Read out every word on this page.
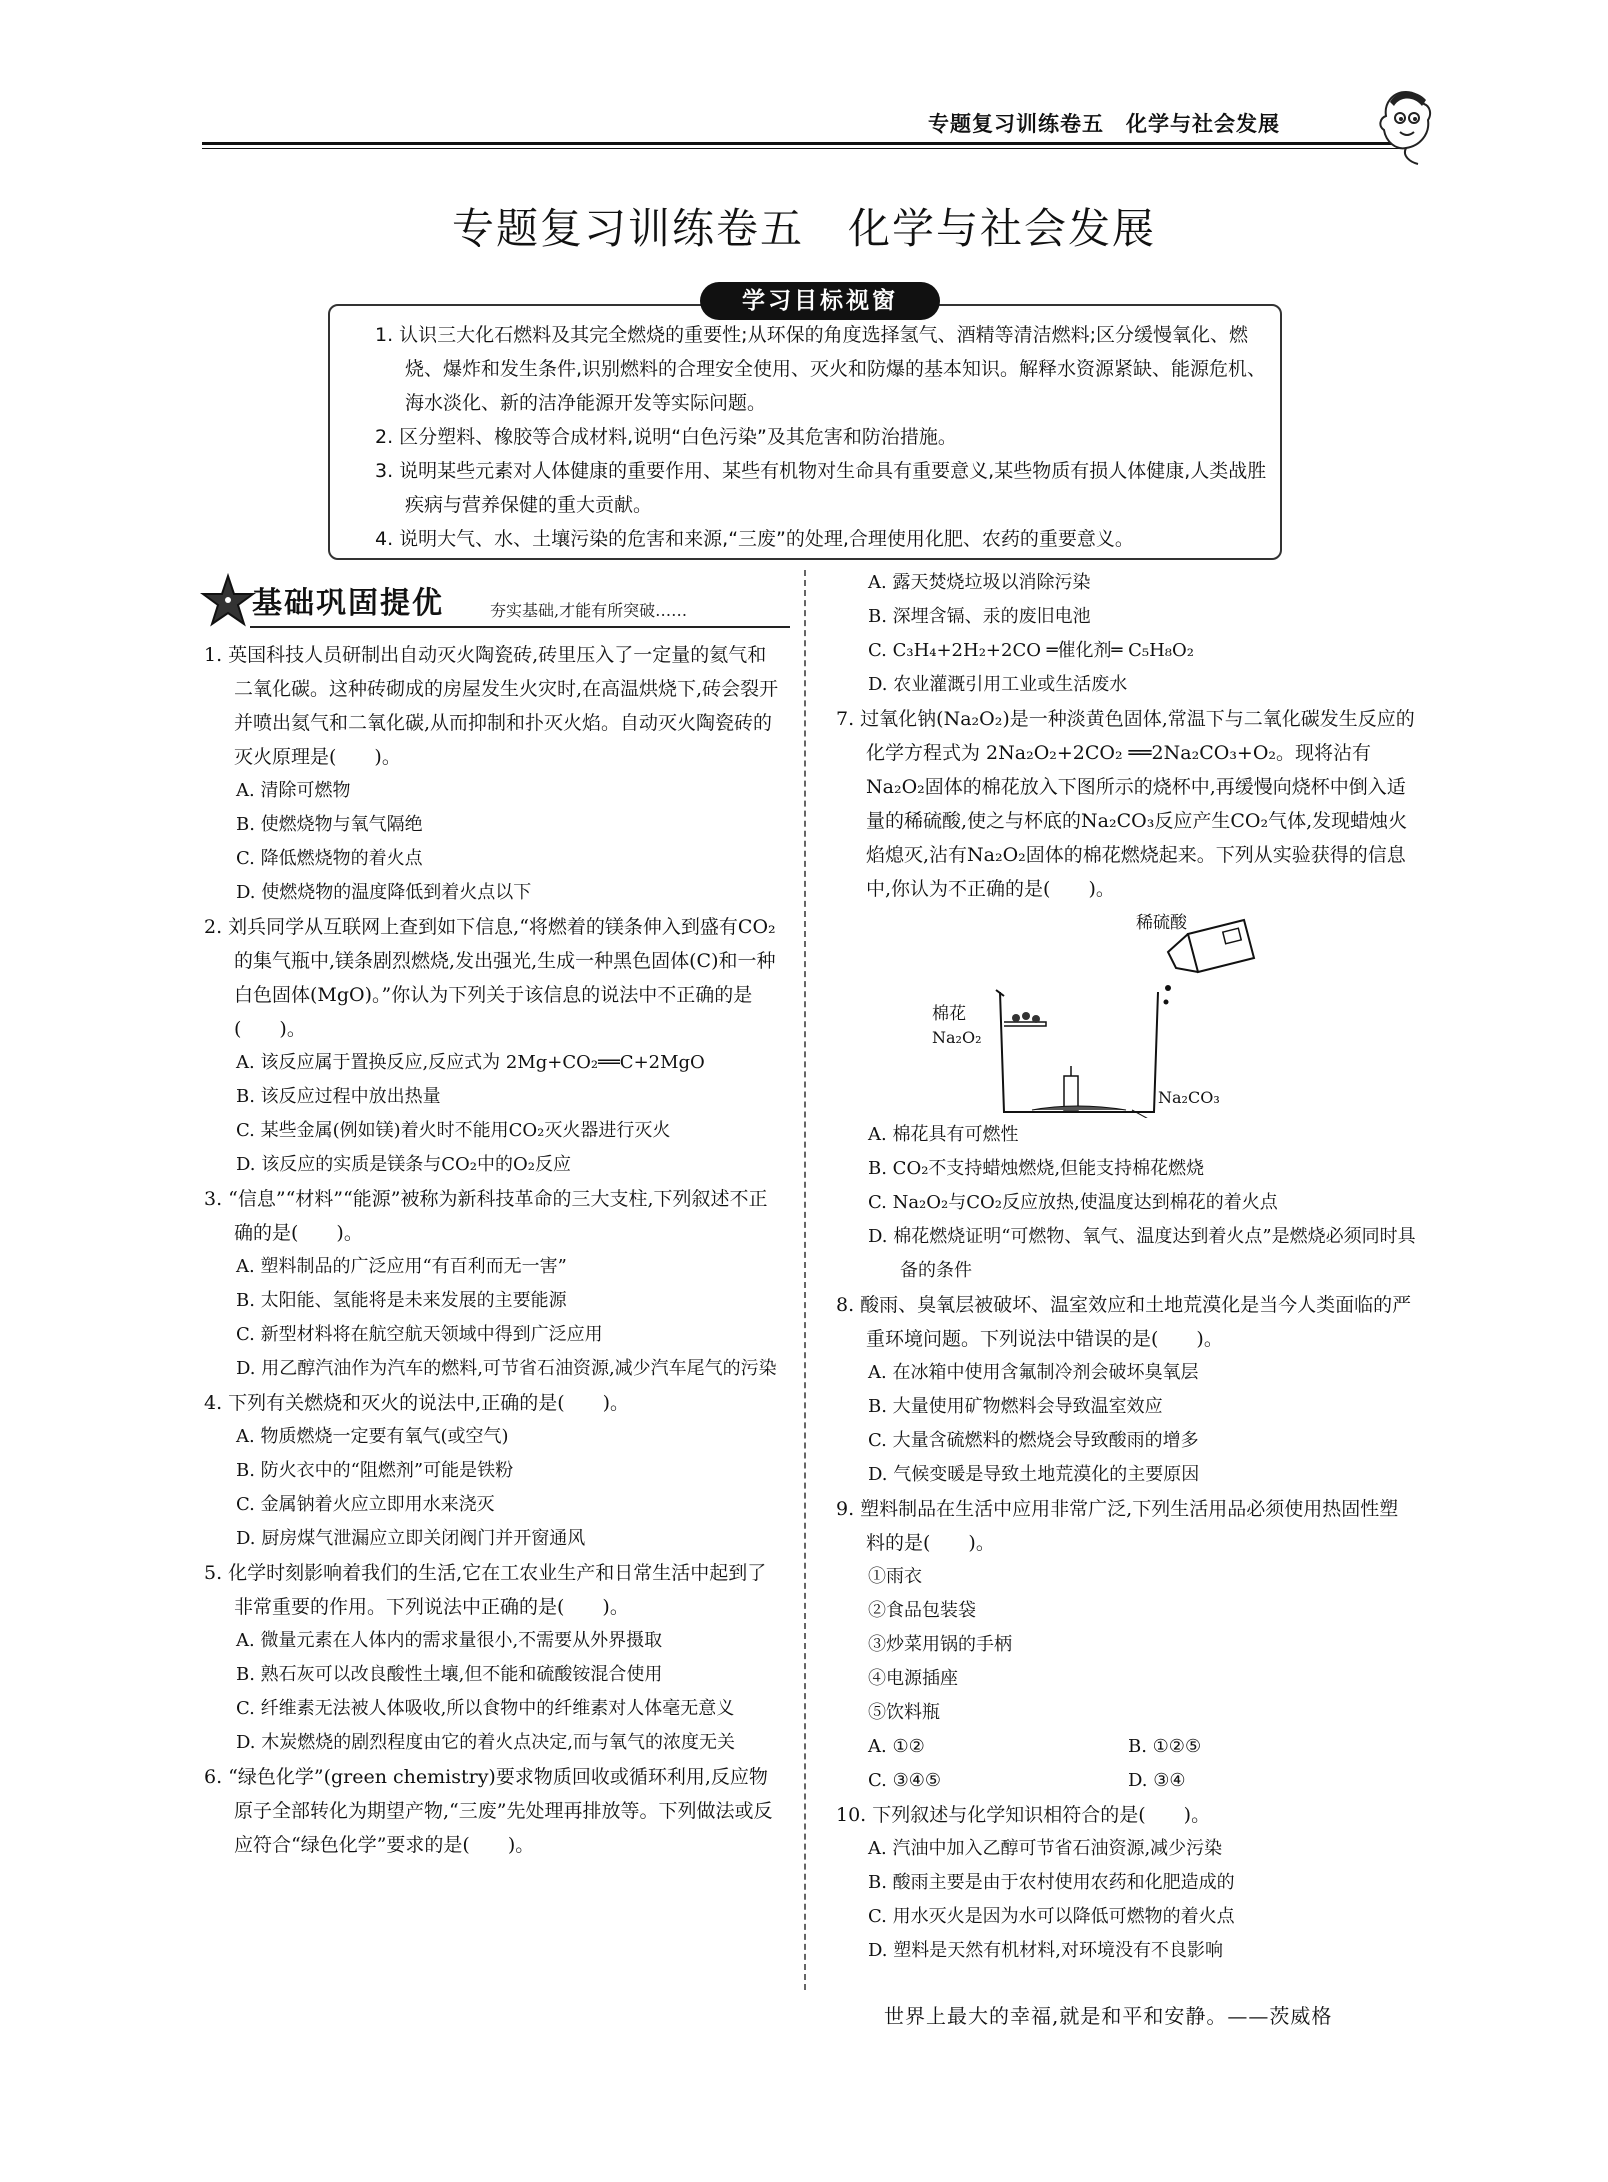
专题复习训练卷五　化学与社会发展
专题复习训练卷五　化学与社会发展
学习目标视窗
1. 认识三大化石燃料及其完全燃烧的重要性;从环保的角度选择氢气、酒精等清洁燃料;区分缓慢氧化、燃烧、爆炸和发生条件,识别燃料的合理安全使用、灭火和防爆的基本知识。解释水资源紧缺、能源危机、海水淡化、新的洁净能源开发等实际问题。
2. 区分塑料、橡胶等合成材料,说明“白色污染”及其危害和防治措施。
3. 说明某些元素对人体健康的重要作用、某些有机物对生命具有重要意义,某些物质有损人体健康,人类战胜疾病与营养保健的重大贡献。
4. 说明大气、水、土壤污染的危害和来源,“三废”的处理,合理使用化肥、农药的重要意义。
基础巩固提优	夯实基础,才能有所突破……
1. 英国科技人员研制出自动灭火陶瓷砖,砖里压入了一定量的氦气和二氧化碳。这种砖砌成的房屋发生火灾时,在高温烘烧下,砖会裂开并喷出氦气和二氧化碳,从而抑制和扑灭火焰。自动灭火陶瓷砖的灭火原理是(　　)。
A. 清除可燃物
B. 使燃烧物与氧气隔绝
C. 降低燃烧物的着火点
D. 使燃烧物的温度降低到着火点以下
2. 刘兵同学从互联网上查到如下信息,“将燃着的镁条伸入到盛有CO₂的集气瓶中,镁条剧烈燃烧,发出强光,生成一种黑色固体(C)和一种白色固体(MgO)。”你认为下列关于该信息的说法中不正确的是(　　)。
A. 该反应属于置换反应,反应式为 2Mg+CO₂══C+2MgO
B. 该反应过程中放出热量
C. 某些金属(例如镁)着火时不能用CO₂灭火器进行灭火
D. 该反应的实质是镁条与CO₂中的O₂反应
3. “信息”“材料”“能源”被称为新科技革命的三大支柱,下列叙述不正确的是(　　)。
A. 塑料制品的广泛应用“有百利而无一害”
B. 太阳能、氢能将是未来发展的主要能源
C. 新型材料将在航空航天领域中得到广泛应用
D. 用乙醇汽油作为汽车的燃料,可节省石油资源,减少汽车尾气的污染
4. 下列有关燃烧和灭火的说法中,正确的是(　　)。
A. 物质燃烧一定要有氧气(或空气)
B. 防火衣中的“阻燃剂”可能是铁粉
C. 金属钠着火应立即用水来浇灭
D. 厨房煤气泄漏应立即关闭阀门并开窗通风
5. 化学时刻影响着我们的生活,它在工农业生产和日常生活中起到了非常重要的作用。下列说法中正确的是(　　)。
A. 微量元素在人体内的需求量很小,不需要从外界摄取
B. 熟石灰可以改良酸性土壤,但不能和硫酸铵混合使用
C. 纤维素无法被人体吸收,所以食物中的纤维素对人体毫无意义
D. 木炭燃烧的剧烈程度由它的着火点决定,而与氧气的浓度无关
6. “绿色化学”(green chemistry)要求物质回收或循环利用,反应物原子全部转化为期望产物,“三废”先处理再排放等。下列做法或反应符合“绿色化学”要求的是(　　)。
A. 露天焚烧垃圾以消除污染
B. 深埋含镉、汞的废旧电池
C. C₃H₄+2H₂+2CO ═催化剂═ C₅H₈O₂
D. 农业灌溉引用工业或生活废水
7. 过氧化钠(Na₂O₂)是一种淡黄色固体,常温下与二氧化碳发生反应的化学方程式为 2Na₂O₂+2CO₂ ══2Na₂CO₃+O₂。现将沾有Na₂O₂固体的棉花放入下图所示的烧杯中,再缓慢向烧杯中倒入适量的稀硫酸,使之与杯底的Na₂CO₃反应产生CO₂气体,发现蜡烛火焰熄灭,沾有Na₂O₂固体的棉花燃烧起来。下列从实验获得的信息中,你认为不正确的是(　　)。
稀硫酸
棉花
Na₂O₂
Na₂CO₃
A. 棉花具有可燃性
B. CO₂不支持蜡烛燃烧,但能支持棉花燃烧
C. Na₂O₂与CO₂反应放热,使温度达到棉花的着火点
D. 棉花燃烧证明“可燃物、氧气、温度达到着火点”是燃烧必须同时具备的条件
8. 酸雨、臭氧层被破坏、温室效应和土地荒漠化是当今人类面临的严重环境问题。下列说法中错误的是(　　)。
A. 在冰箱中使用含氟制冷剂会破坏臭氧层
B. 大量使用矿物燃料会导致温室效应
C. 大量含硫燃料的燃烧会导致酸雨的增多
D. 气候变暖是导致土地荒漠化的主要原因
9. 塑料制品在生活中应用非常广泛,下列生活用品必须使用热固性塑料的是(　　)。
①雨衣
②食品包装袋
③炒菜用锅的手柄
④电源插座
⑤饮料瓶
A. ①②	B. ①②⑤
C. ③④⑤	D. ③④
10. 下列叙述与化学知识相符合的是(　　)。
A. 汽油中加入乙醇可节省石油资源,减少污染
B. 酸雨主要是由于农村使用农药和化肥造成的
C. 用水灭火是因为水可以降低可燃物的着火点
D. 塑料是天然有机材料,对环境没有不良影响
世界上最大的幸福,就是和平和安静。——茨威格
